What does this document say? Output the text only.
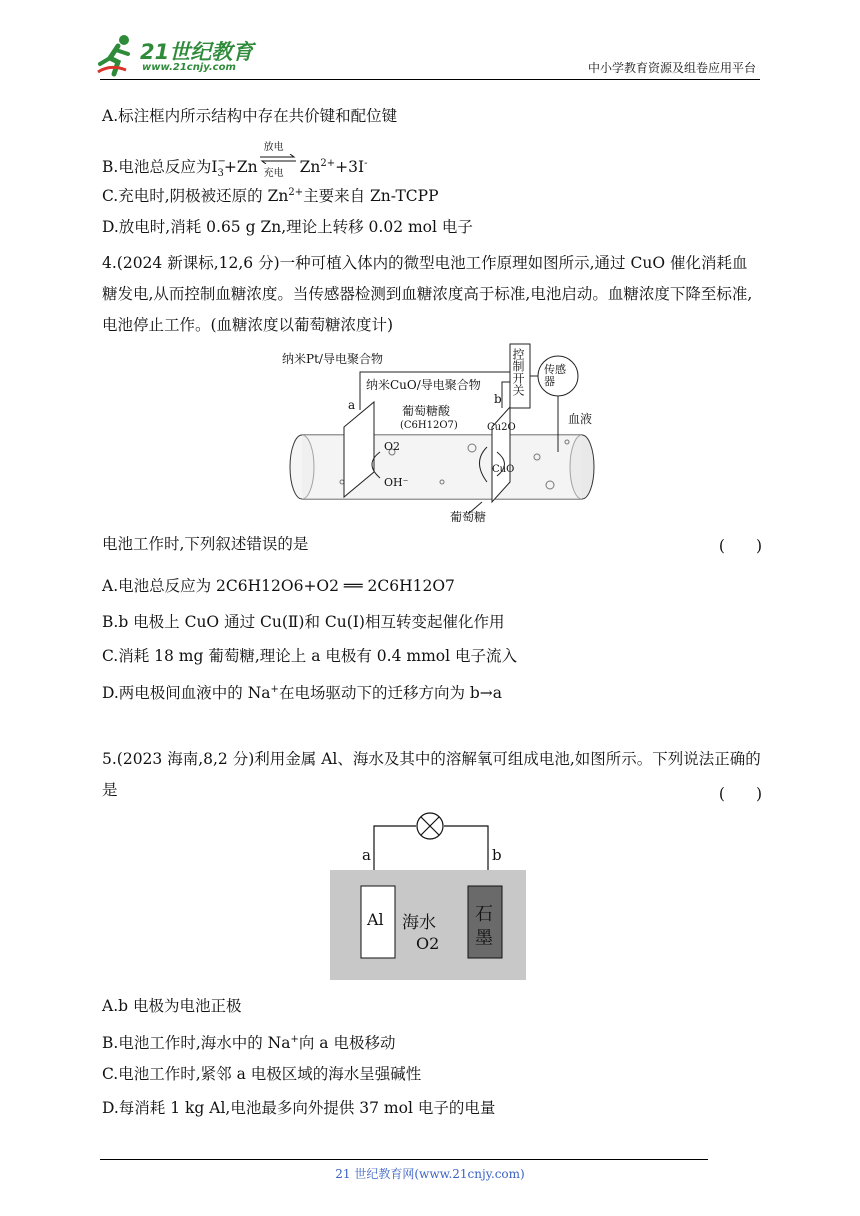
21世纪教育
www.21cnjy.com	中小学教育资源及组卷应用平台
A.标注框内所示结构中存在共价键和配位键
B.电池总反应为I −
$_3$+Zn
放电
充电 $Zn^{2+}+3I^-$
C.充电时,阴极被还原的 $Zn^{2+}$主要来自 Zn-TCPP
D.放电时,消耗 0.65 g Zn,理论上转移 0.02 mol 电子
4.(2024 新课标,12,6 分)一种可植入体内的微型电池工作原理如图所示,通过 CuO 催化消耗血糖发电,从而控制血糖浓度。当传感器检测到血糖浓度高于标准,电池启动。血糖浓度下降至标准,电池停止工作。(血糖浓度以葡萄糖浓度计)
纳米Pt/导电聚合物
纳米CuO/导电聚合物	控制开关 传感器
血液
a	b
葡萄糖酸
(C6H12O7)
O2
OH⁻
Cu2O
CuO
葡萄糖
电池工作时,下列叙述错误的是	(　　)
A.电池总反应为 2C6H12O6+O2 ══ 2C6H12O7
B.b 电极上 CuO 通过 Cu(Ⅱ)和 Cu(Ⅰ)相互转变起催化作用
C.消耗 18 mg 葡萄糖,理论上 a 电极有 0.4 mmol 电子流入
D.两电极间血液中的 Na+在电场驱动下的迁移方向为 b→a
5.(2023 海南,8,2 分)利用金属 Al、海水及其中的溶解氧可组成电池,如图所示。下列说法正确的是	(　　)
a	b
Al 海水
O2
石
墨
A.b 电极为电池正极
B.电池工作时,海水中的 Na+向 a 电极移动
C.电池工作时,紧邻 a 电极区域的海水呈强碱性
D.每消耗 1 kg Al,电池最多向外提供 37 mol 电子的电量
21 世纪教育网(www.21cnjy.com)
